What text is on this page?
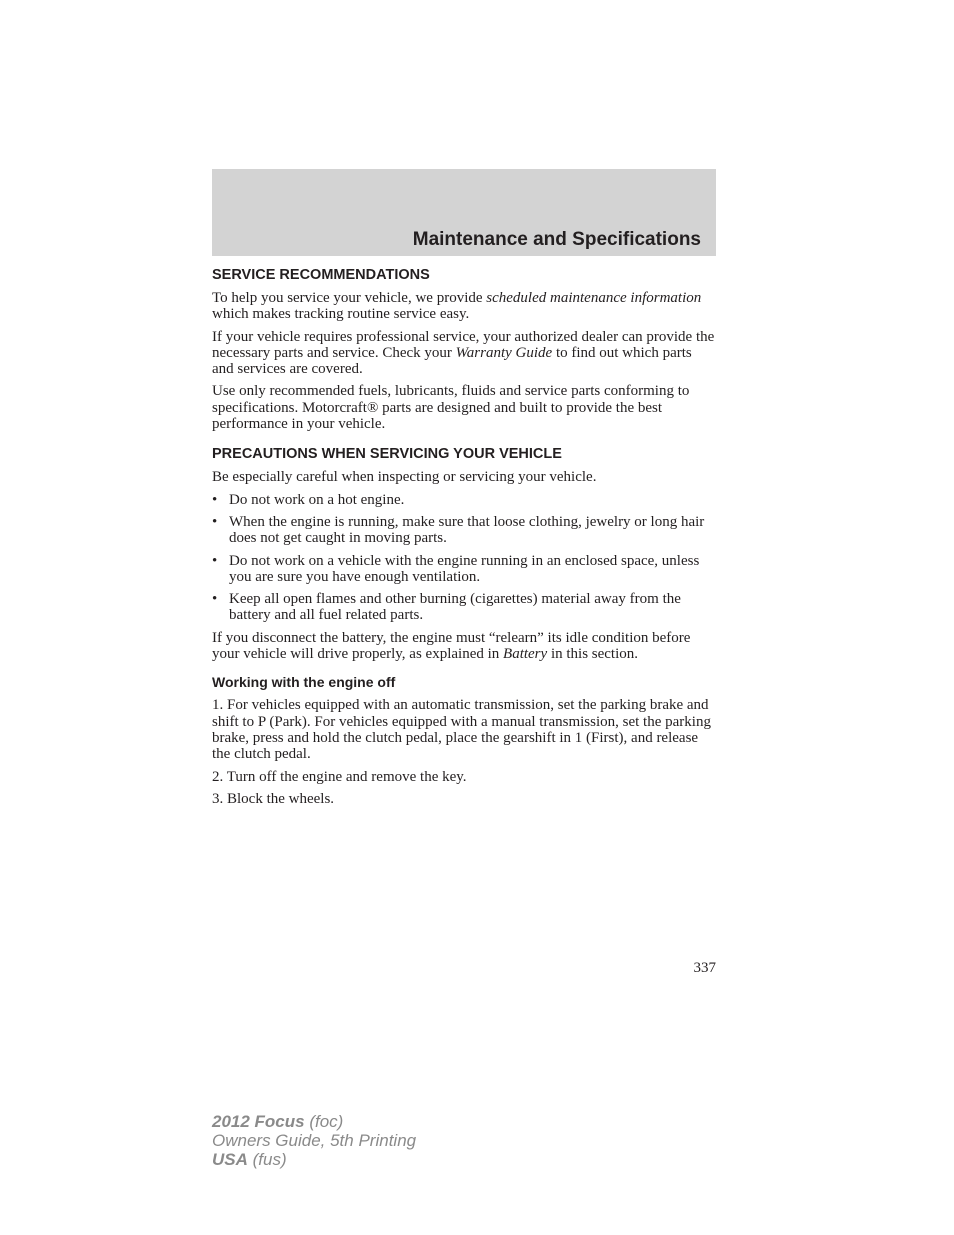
Maintenance and Specifications
SERVICE RECOMMENDATIONS

To help you service your vehicle, we provide scheduled maintenance information which makes tracking routine service easy.

If your vehicle requires professional service, your authorized dealer can provide the necessary parts and service. Check your Warranty Guide to find out which parts and services are covered.

Use only recommended fuels, lubricants, fluids and service parts conforming to specifications. Motorcraft® parts are designed and built to provide the best performance in your vehicle.

PRECAUTIONS WHEN SERVICING YOUR VEHICLE

Be especially careful when inspecting or servicing your vehicle.

• Do not work on a hot engine.
• When the engine is running, make sure that loose clothing, jewelry or long hair does not get caught in moving parts.
• Do not work on a vehicle with the engine running in an enclosed space, unless you are sure you have enough ventilation.
• Keep all open flames and other burning (cigarettes) material away from the battery and all fuel related parts.

If you disconnect the battery, the engine must “relearn” its idle condition before your vehicle will drive properly, as explained in Battery in this section.

Working with the engine off

1. For vehicles equipped with an automatic transmission, set the parking brake and shift to P (Park). For vehicles equipped with a manual transmission, set the parking brake, press and hold the clutch pedal, place the gearshift in 1 (First), and release the clutch pedal.

2. Turn off the engine and remove the key.

3. Block the wheels.

337
2012 Focus (foc)
Owners Guide, 5th Printing
USA (fus)
